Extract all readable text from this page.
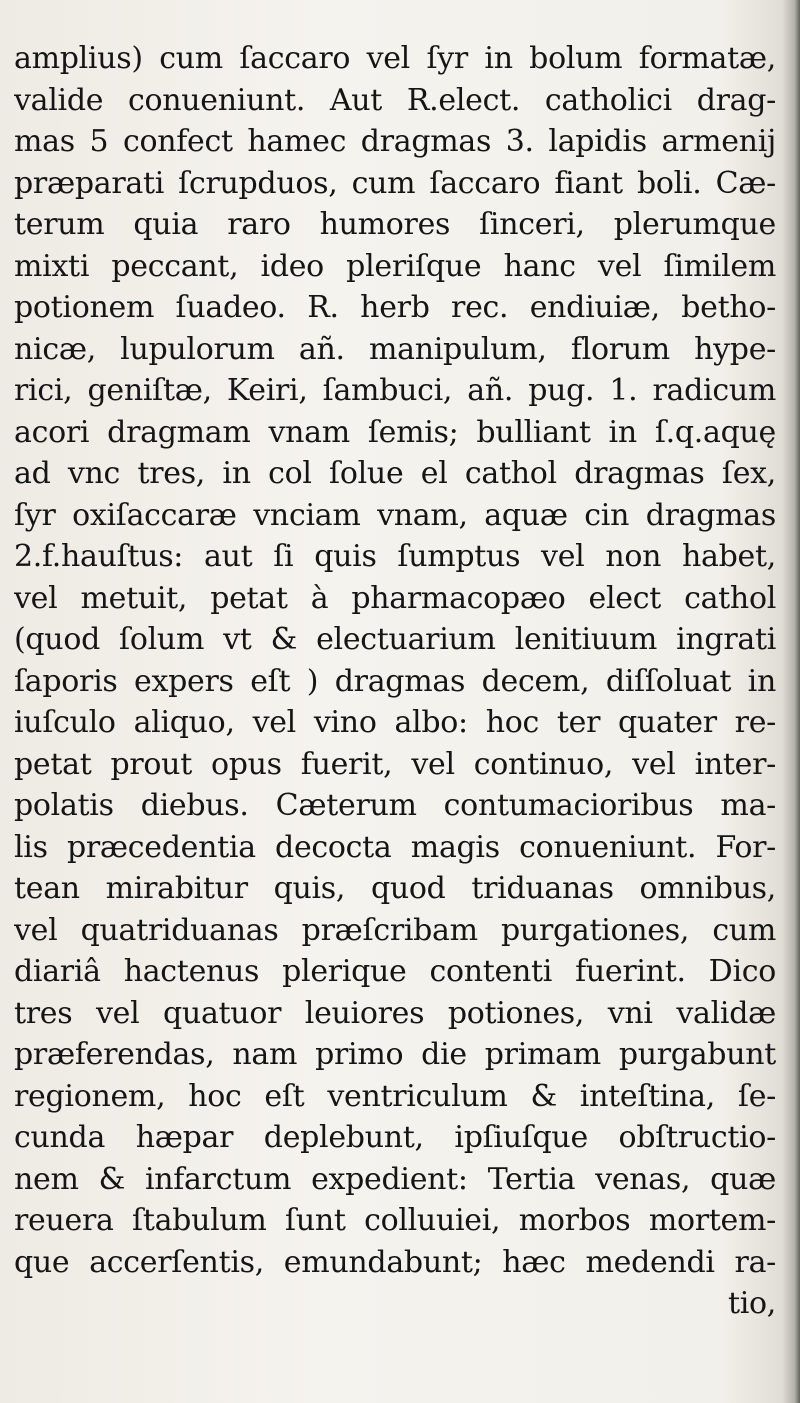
amplius) cum ſaccaro vel ſyr in bolum formatæ,
valide conueniunt. Aut R.elect. catholici drag-
mas 5 confect hamec dragmas 3. lapidis armenij
præparati ſcrupduos, cum ſaccaro fiant boli. Cæ-
terum quia raro humores ſinceri, plerumque
mixti peccant, ideo pleriſque hanc vel ſimilem
potionem ſuadeo. R. herb rec. endiuiæ, betho-
nicæ, lupulorum añ. manipulum, florum hype-
rici, geniſtæ, Keiri, ſambuci, añ. pug. 1. radicum
acori dragmam vnam ſemis; bulliant in ſ.q.aquę
ad vnc tres, in col ſolue el cathol dragmas ſex,
ſyr oxiſaccaræ vnciam vnam, aquæ cin dragmas
2.f.hauſtus: aut ſi quis ſumptus vel non habet,
vel metuit, petat à pharmacopæo elect cathol
(quod ſolum vt & electuarium lenitiuum ingrati
ſaporis expers eſt ) dragmas decem, diſſoluat in
iuſculo aliquo, vel vino albo: hoc ter quater re-
petat prout opus fuerit, vel continuo, vel inter-
polatis diebus. Cæterum contumacioribus ma-
lis præcedentia decocta magis conueniunt. For-
tean mirabitur quis, quod triduanas omnibus,
vel quatriduanas præſcribam purgationes, cum
diariâ hactenus plerique contenti fuerint. Dico
tres vel quatuor leuiores potiones, vni validæ
præferendas, nam primo die primam purgabunt
regionem, hoc eſt ventriculum & inteſtina, ſe-
cunda hæpar deplebunt, ipſiuſque obſtructio-
nem & infarctum expedient: Tertia venas, quæ
reuera ſtabulum ſunt colluuiei, morbos mortem-
que accerſentis, emundabunt; hæc medendi ra-
tio,
